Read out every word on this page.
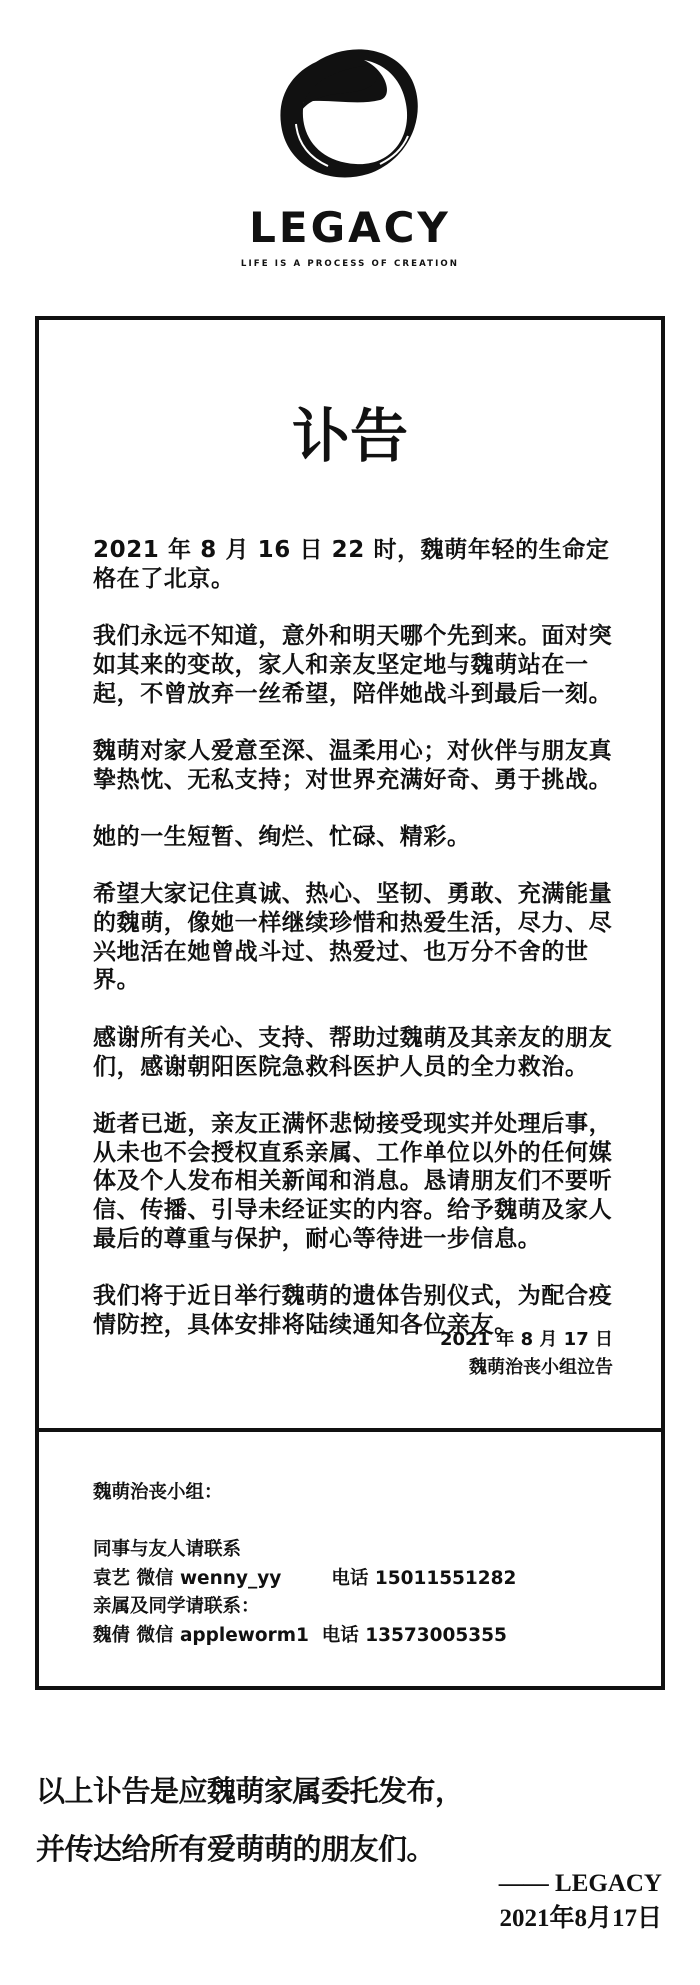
LEGACY
LIFE IS A PROCESS OF CREATION
讣告

2021 年 8 月 16 日 22 时，魏萌年轻的生命定格在了北京。

我们永远不知道，意外和明天哪个先到来。面对突如其来的变故，家人和亲友坚定地与魏萌站在一起，不曾放弃一丝希望，陪伴她战斗到最后一刻。

魏萌对家人爱意至深、温柔用心；对伙伴与朋友真挚热忱、无私支持；对世界充满好奇、勇于挑战。

她的一生短暂、绚烂、忙碌、精彩。

希望大家记住真诚、热心、坚韧、勇敢、充满能量的魏萌，像她一样继续珍惜和热爱生活，尽力、尽兴地活在她曾战斗过、热爱过、也万分不舍的世界。

感谢所有关心、支持、帮助过魏萌及其亲友的朋友们，感谢朝阳医院急救科医护人员的全力救治。

逝者已逝，亲友正满怀悲恸接受现实并处理后事，从未也不会授权直系亲属、工作单位以外的任何媒体及个人发布相关新闻和消息。恳请朋友们不要听信、传播、引导未经证实的内容。给予魏萌及家人最后的尊重与保护，耐心等待进一步信息。

我们将于近日举行魏萌的遗体告别仪式，为配合疫情防控，具体安排将陆续通知各位亲友。

2021 年 8 月 17 日
魏萌治丧小组泣告
魏萌治丧小组：
同事与友人请联系
袁艺 微信 wenny_yy	电话 15011551282
亲属及同学请联系：
魏倩 微信 appleworm1 电话 13573005355
以上讣告是应魏萌家属委托发布，
并传达给所有爱萌萌的朋友们。
—— LEGACY
2021年8月17日
